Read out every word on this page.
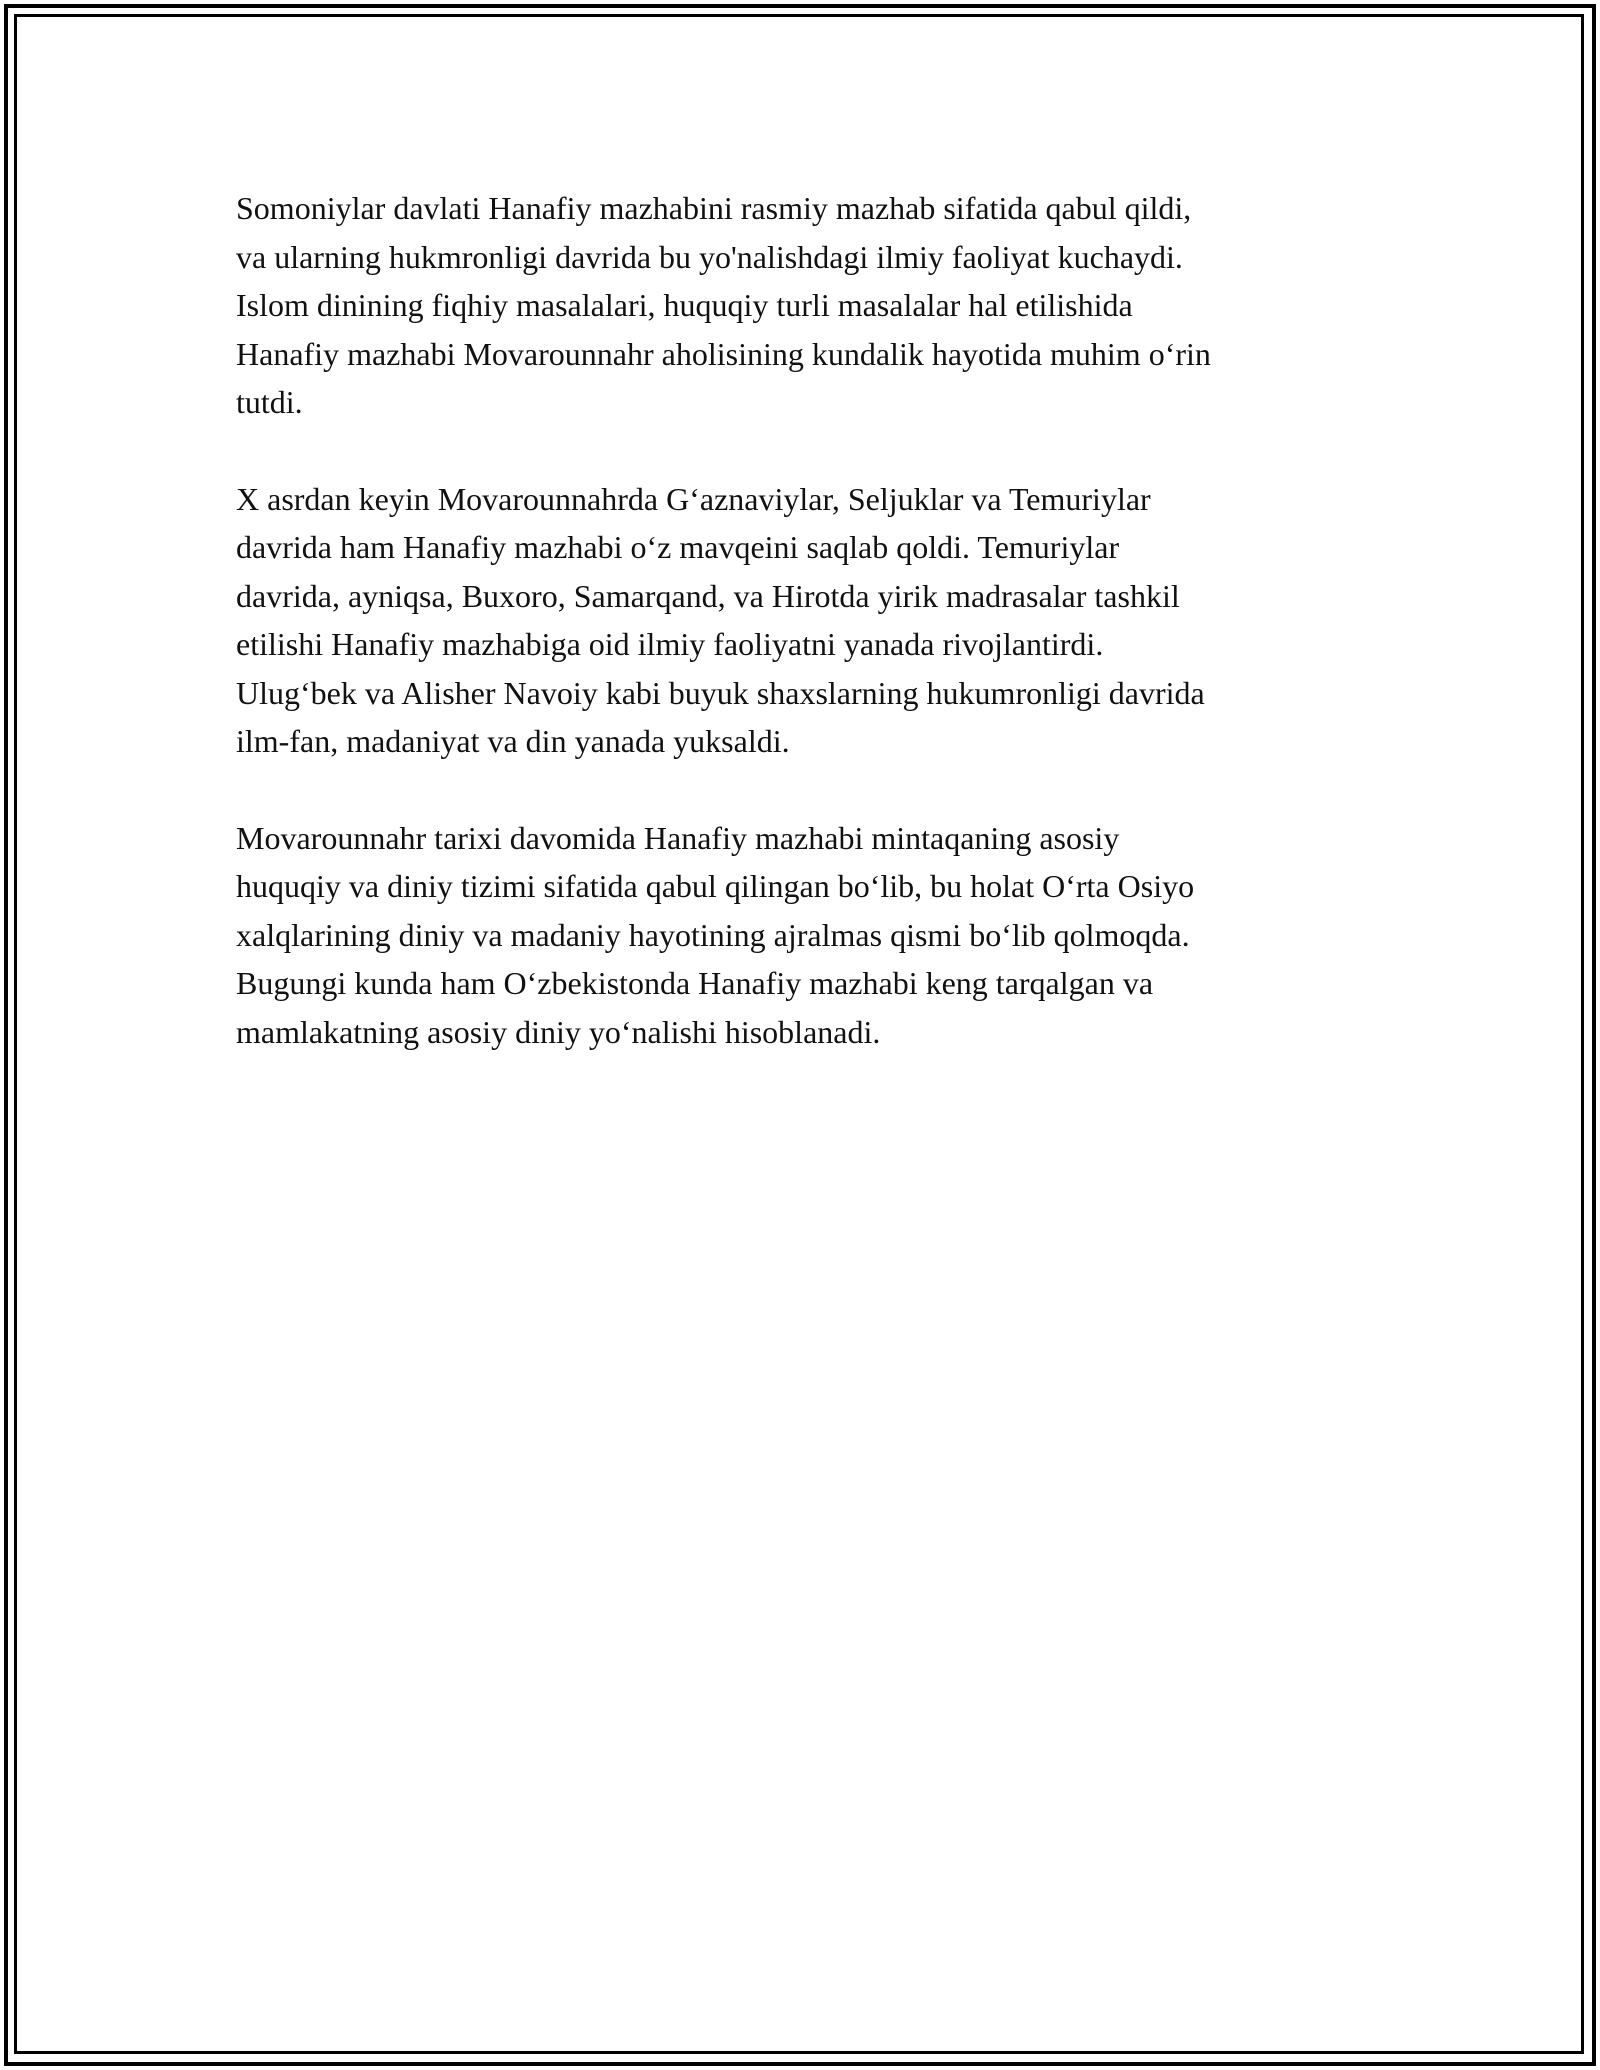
Somoniylar davlati Hanafiy mazhabini rasmiy mazhab sifatida qabul qildi,
va ularning hukmronligi davrida bu yo'nalishdagi ilmiy faoliyat kuchaydi.
Islom dinining fiqhiy masalalari, huquqiy turli masalalar hal etilishida
Hanafiy mazhabi Movarounnahr aholisining kundalik hayotida muhim o‘rin
tutdi.

X asrdan keyin Movarounnahrda G‘aznaviylar, Seljuklar va Temuriylar
davrida ham Hanafiy mazhabi o‘z mavqeini saqlab qoldi. Temuriylar
davrida, ayniqsa, Buxoro, Samarqand, va Hirotda yirik madrasalar tashkil
etilishi Hanafiy mazhabiga oid ilmiy faoliyatni yanada rivojlantirdi.
Ulug‘bek va Alisher Navoiy kabi buyuk shaxslarning hukumronligi davrida
ilm-fan, madaniyat va din yanada yuksaldi.

Movarounnahr tarixi davomida Hanafiy mazhabi mintaqaning asosiy
huquqiy va diniy tizimi sifatida qabul qilingan bo‘lib, bu holat O‘rta Osiyo
xalqlarining diniy va madaniy hayotining ajralmas qismi bo‘lib qolmoqda.
Bugungi kunda ham O‘zbekistonda Hanafiy mazhabi keng tarqalgan va
mamlakatning asosiy diniy yo‘nalishi hisoblanadi.
